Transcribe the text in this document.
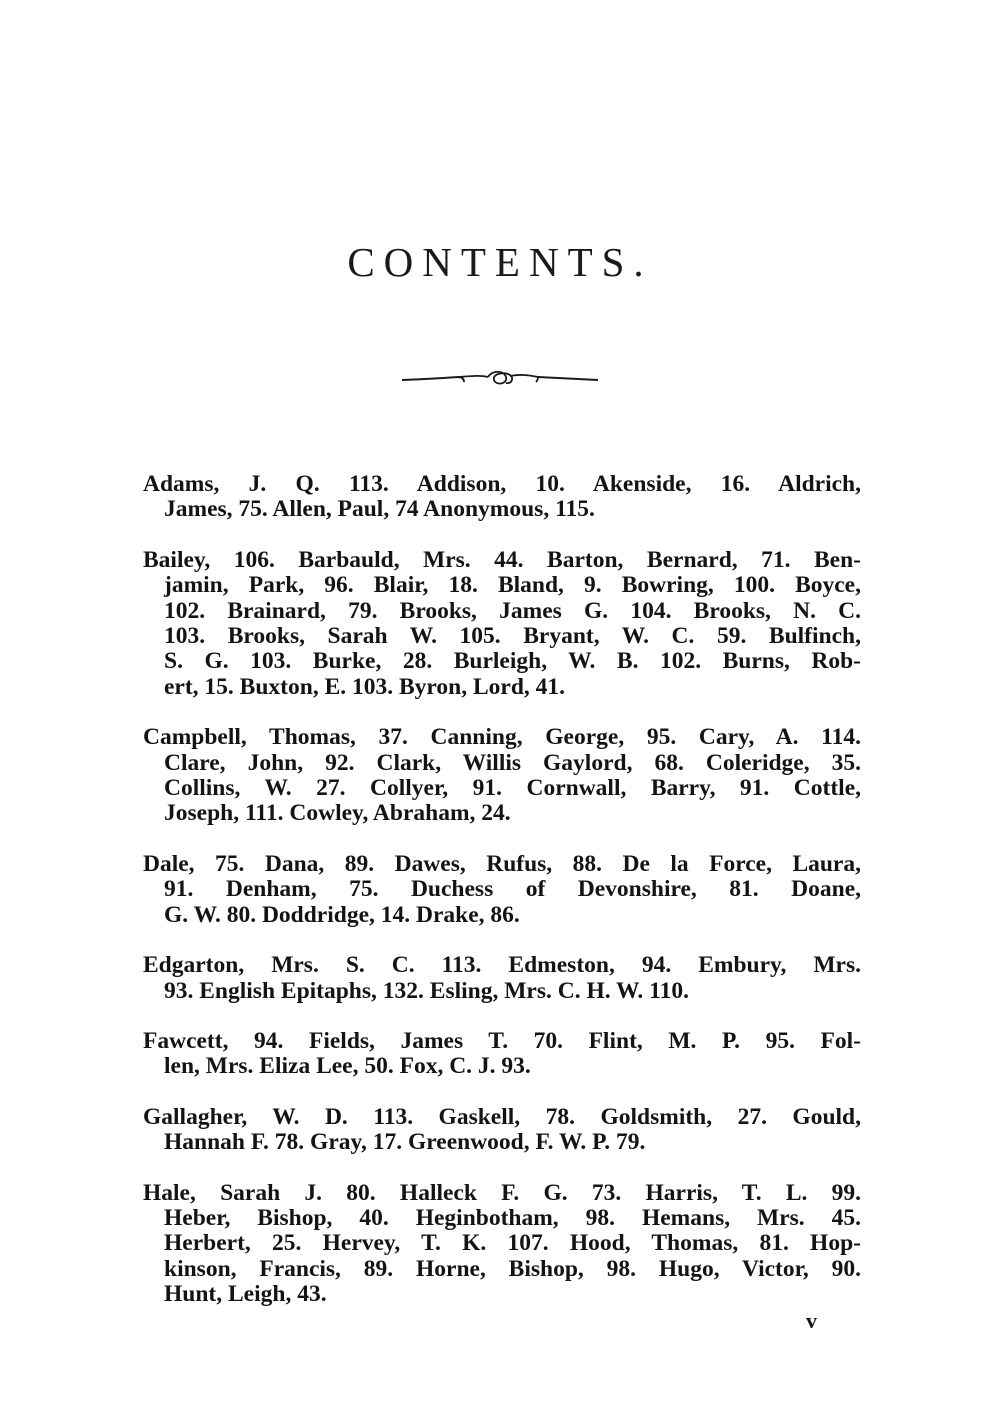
CONTENTS.
Adams, J. Q. 113. Addison, 10. Akenside, 16. Aldrich,
James, 75. Allen, Paul, 74 Anonymous, 115.
Bailey, 106. Barbauld, Mrs. 44. Barton, Bernard, 71. Ben-
jamin, Park, 96. Blair, 18. Bland, 9. Bowring, 100. Boyce,
102. Brainard, 79. Brooks, James G. 104. Brooks, N. C.
103. Brooks, Sarah W. 105. Bryant, W. C. 59. Bulfinch,
S. G. 103. Burke, 28. Burleigh, W. B. 102. Burns, Rob-
ert, 15. Buxton, E. 103. Byron, Lord, 41.
Campbell, Thomas, 37. Canning, George, 95. Cary, A. 114.
Clare, John, 92. Clark, Willis Gaylord, 68. Coleridge, 35.
Collins, W. 27. Collyer, 91. Cornwall, Barry, 91. Cottle,
Joseph, 111. Cowley, Abraham, 24.
Dale, 75. Dana, 89. Dawes, Rufus, 88. De la Force, Laura,
91. Denham, 75. Duchess of Devonshire, 81. Doane,
G. W. 80. Doddridge, 14. Drake, 86.
Edgarton, Mrs. S. C. 113. Edmeston, 94. Embury, Mrs.
93. English Epitaphs, 132. Esling, Mrs. C. H. W. 110.
Fawcett, 94. Fields, James T. 70. Flint, M. P. 95. Fol-
len, Mrs. Eliza Lee, 50. Fox, C. J. 93.
Gallagher, W. D. 113. Gaskell, 78. Goldsmith, 27. Gould,
Hannah F. 78. Gray, 17. Greenwood, F. W. P. 79.
Hale, Sarah J. 80. Halleck F. G. 73. Harris, T. L. 99.
Heber, Bishop, 40. Heginbotham, 98. Hemans, Mrs. 45.
Herbert, 25. Hervey, T. K. 107. Hood, Thomas, 81. Hop-
kinson, Francis, 89. Horne, Bishop, 98. Hugo, Victor, 90.
Hunt, Leigh, 43.
v
